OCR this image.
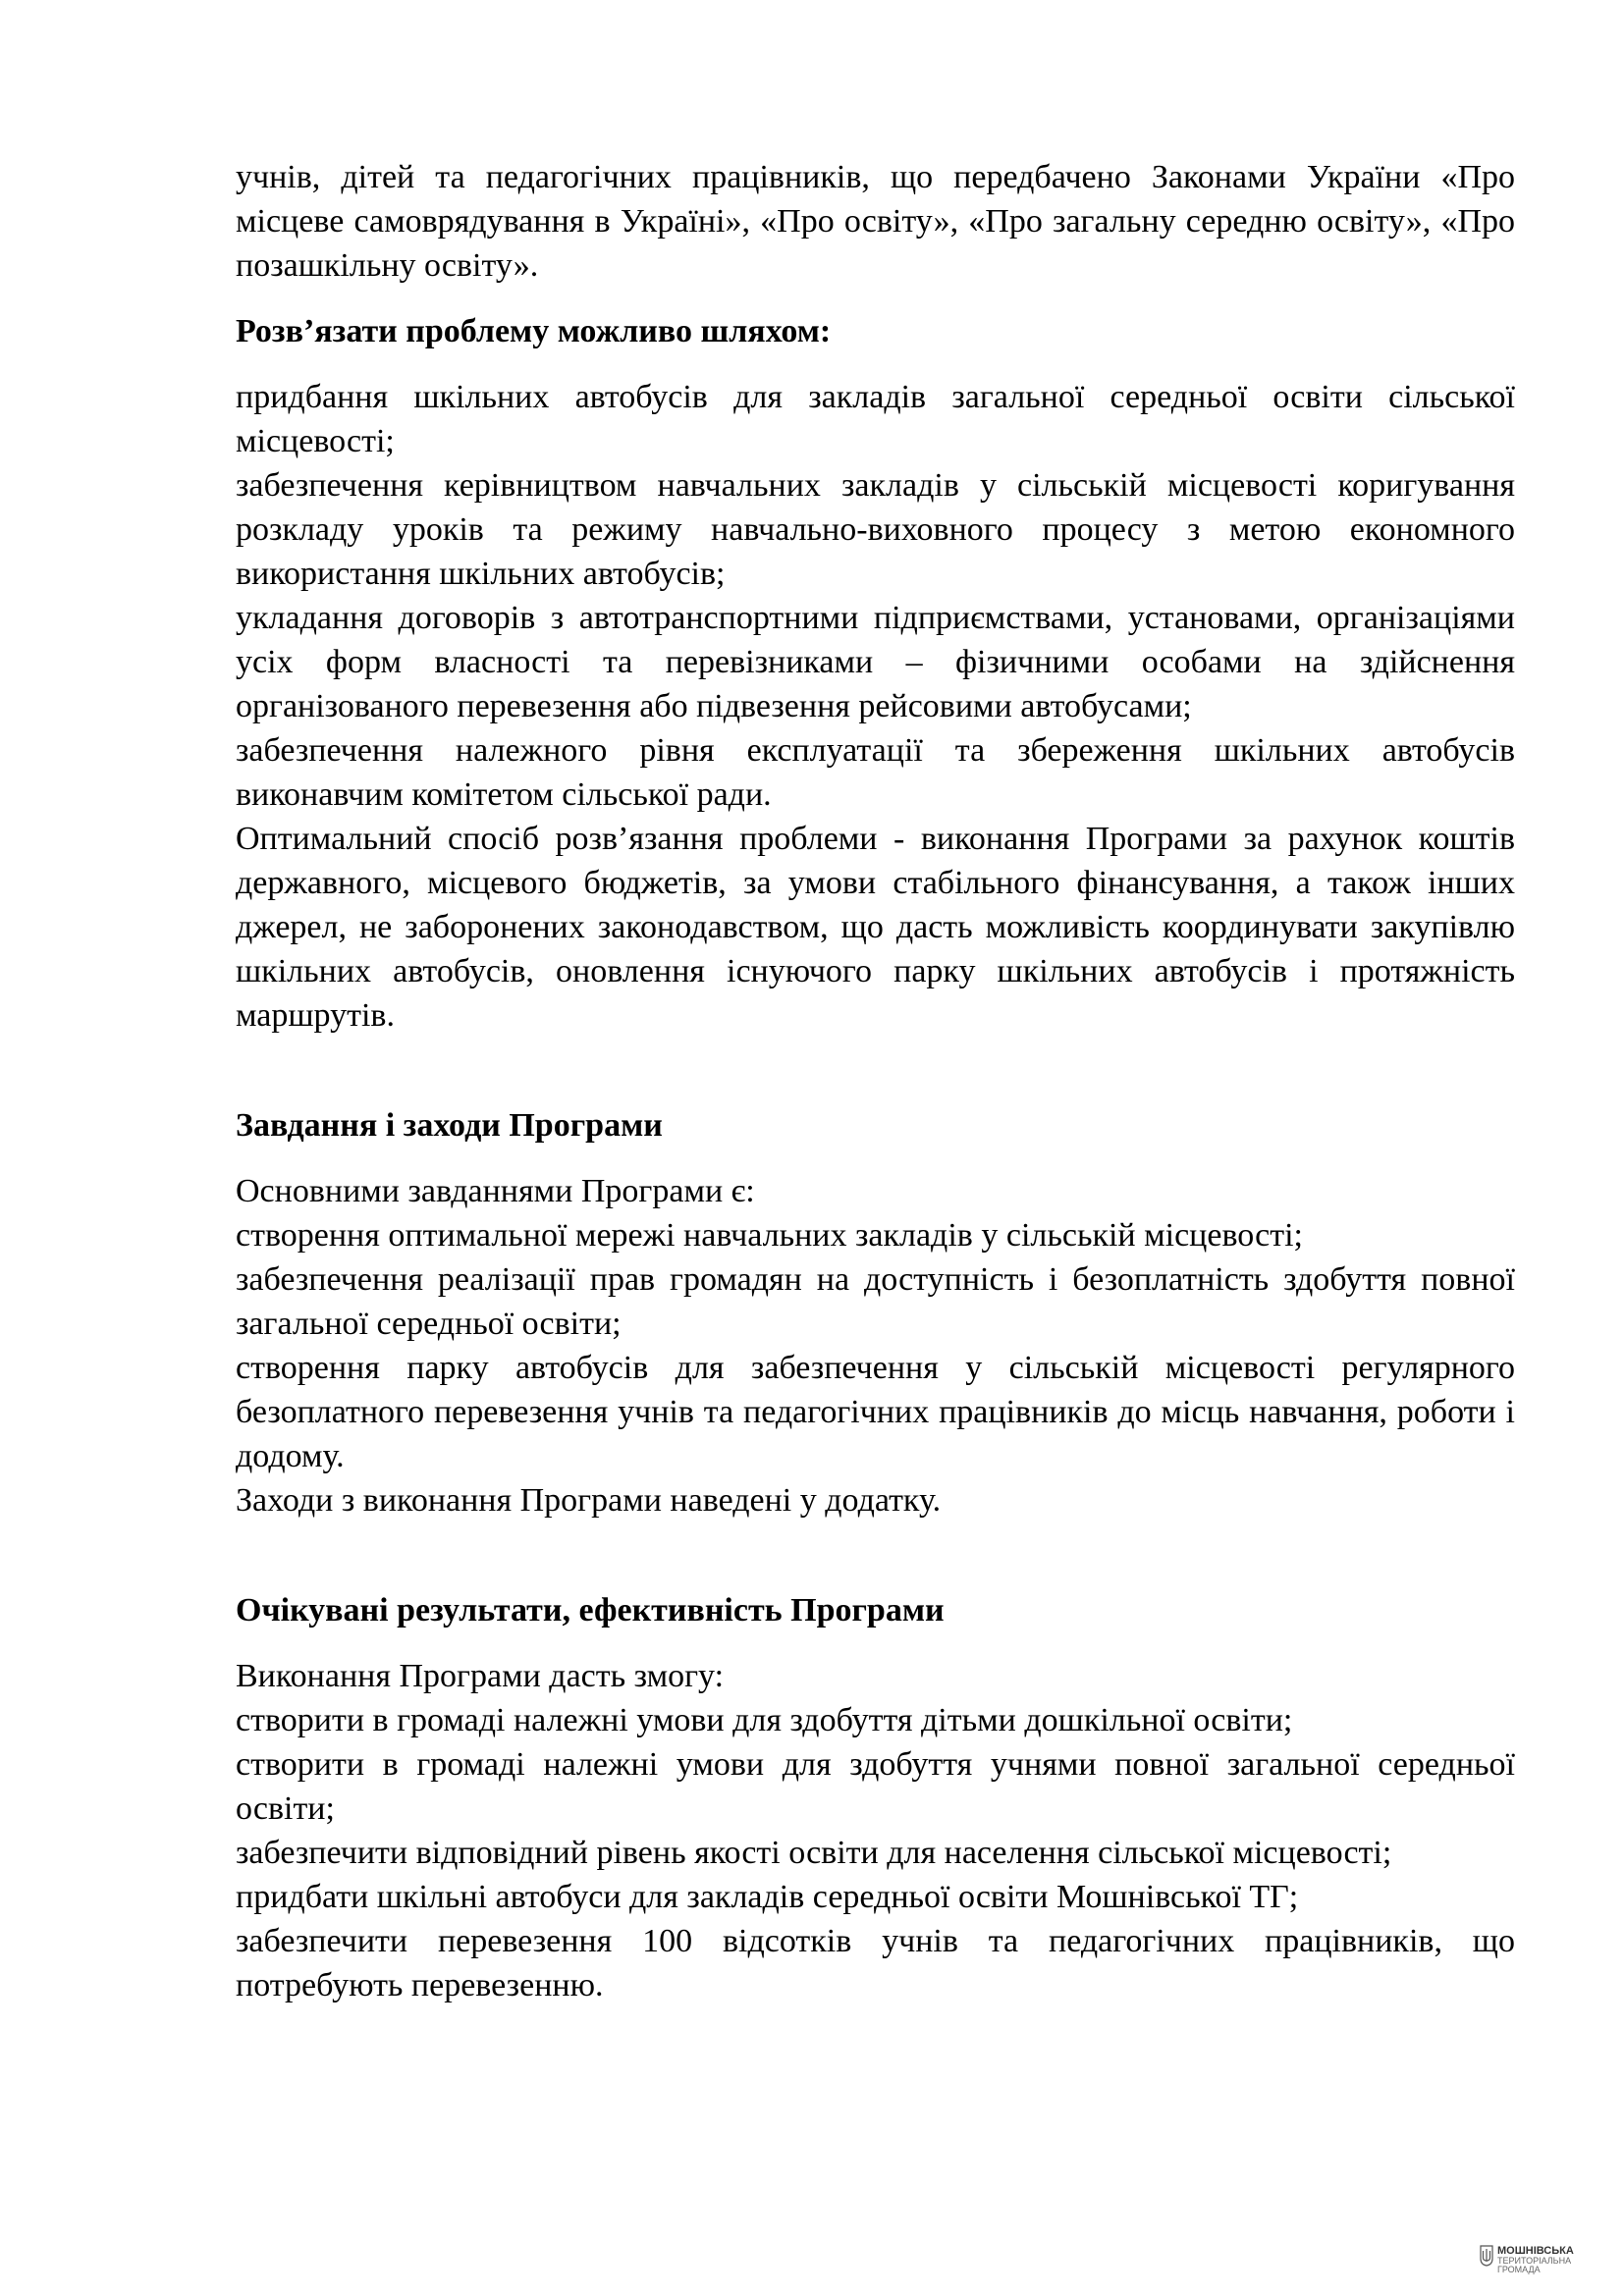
учнів, дітей та педагогічних працівників, що передбачено Законами України «Про місцеве самоврядування в Україні», «Про освіту», «Про загальну середню освіту», «Про позашкільну освіту».

Розв’язати проблему можливо шляхом:

придбання шкільних автобусів для закладів загальної середньої освіти сільської місцевості;

забезпечення керівництвом навчальних закладів у сільській місцевості коригування розкладу уроків та режиму навчально-виховного процесу з метою економного використання шкільних автобусів;

укладання договорів з автотранспортними підприємствами, установами, організаціями усіх форм власності та перевізниками – фізичними особами на здійснення організованого перевезення або підвезення рейсовими автобусами;

забезпечення належного рівня експлуатації та збереження шкільних автобусів виконавчим комітетом сільської ради.

Оптимальний спосіб розв’язання проблеми - виконання Програми за рахунок коштів державного, місцевого бюджетів, за умови стабільного фінансування, а також інших джерел, не заборонених законодавством, що дасть можливість координувати закупівлю шкільних автобусів, оновлення існуючого парку шкільних автобусів і протяжність маршрутів.

Завдання і заходи Програми

Основними завданнями Програми є:

створення оптимальної мережі навчальних закладів у сільській місцевості;

забезпечення реалізації прав громадян на доступність і безоплатність здобуття повної загальної середньої освіти;

створення парку автобусів для забезпечення у сільській місцевості регулярного безоплатного перевезення учнів та педагогічних працівників до місць навчання, роботи і додому.

Заходи з виконання Програми наведені у додатку.

Очікувані результати, ефективність Програми

Виконання Програми дасть змогу:

створити в громаді належні умови для здобуття дітьми дошкільної освіти;

створити в громаді належні умови для здобуття учнями повної загальної середньої освіти;

забезпечити відповідний рівень якості освіти для населення сільської місцевості;

придбати шкільні автобуси для закладів середньої освіти Мошнівської ТГ;

забезпечити перевезення 100 відсотків учнів та педагогічних працівників, що потребують перевезенню.

МОШНІВСЬКА
ТЕРИТОРІАЛЬНА
ГРОМАДА
